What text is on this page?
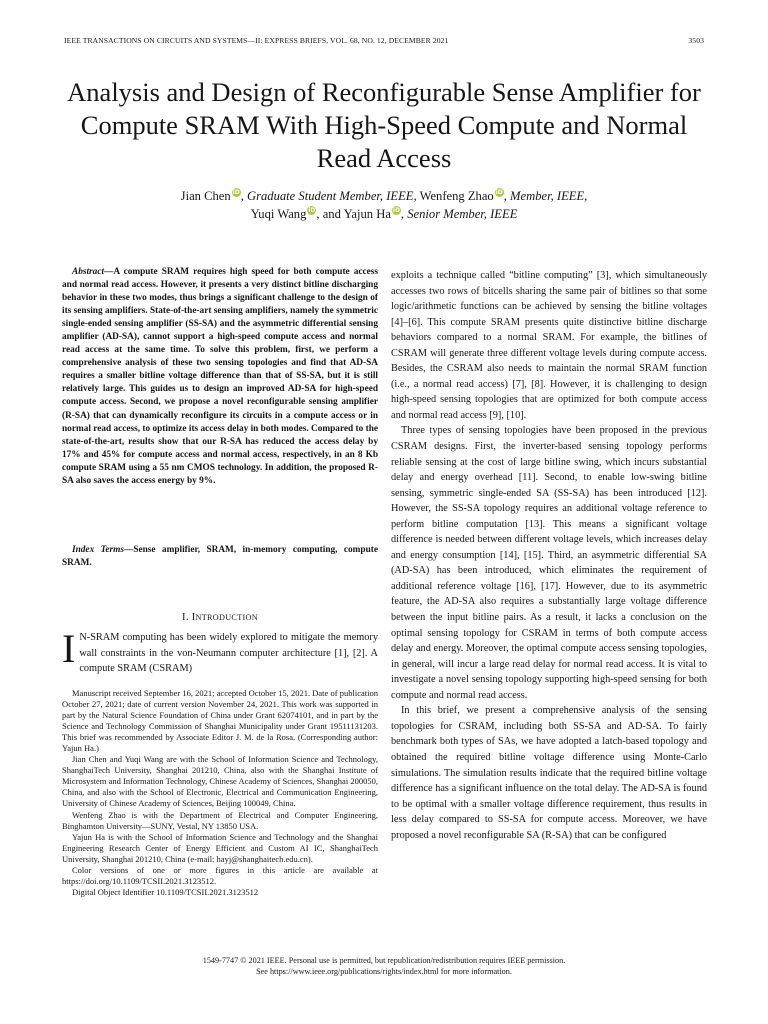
IEEE TRANSACTIONS ON CIRCUITS AND SYSTEMS—II: EXPRESS BRIEFS, VOL. 68, NO. 12, DECEMBER 2021	3503
Analysis and Design of Reconfigurable Sense Amplifier for Compute SRAM With High-Speed Compute and Normal Read Access
Jian Chen iD, Graduate Student Member, IEEE, Wenfeng Zhao iD, Member, IEEE,
Yuqi Wang iD, and Yajun Ha iD, Senior Member, IEEE
Abstract—A compute SRAM requires high speed for both compute access and normal read access. However, it presents a very distinct bitline discharging behavior in these two modes, thus brings a significant challenge to the design of its sensing amplifiers. State-of-the-art sensing amplifiers, namely the symmetric single-ended sensing amplifier (SS-SA) and the asymmetric differential sensing amplifier (AD-SA), cannot support a high-speed compute access and normal read access at the same time. To solve this problem, first, we perform a comprehensive analysis of these two sensing topologies and find that AD-SA requires a smaller bitline voltage difference than that of SS-SA, but it is still relatively large. This guides us to design an improved AD-SA for high-speed compute access. Second, we propose a novel reconfigurable sensing amplifier (R-SA) that can dynamically reconfigure its circuits in a compute access or in normal read access, to optimize its access delay in both modes. Compared to the state-of-the-art, results show that our R-SA has reduced the access delay by 17% and 45% for compute access and normal access, respectively, in an 8 Kb compute SRAM using a 55 nm CMOS technology. In addition, the proposed R-SA also saves the access energy by 9%.
Index Terms—Sense amplifier, SRAM, in-memory computing, compute SRAM.
I. INTRODUCTION
I N-SRAM computing has been widely explored to mitigate the memory wall constraints in the von-Neumann computer architecture [1], [2]. A compute SRAM (CSRAM)

Manuscript received September 16, 2021; accepted October 15, 2021. Date of publication October 27, 2021; date of current version November 24, 2021. This work was supported in part by the Natural Science Foundation of China under Grant 62074101, and in part by the Science and Technology Commission of Shanghai Municipality under Grant 19511131203. This brief was recommended by Associate Editor J. M. de la Rosa. (Corresponding author: Yajun Ha.)

Jian Chen and Yuqi Wang are with the School of Information Science and Technology, ShanghaiTech University, Shanghai 201210, China, also with the Shanghai Institute of Microsystem and Information Technology, Chinese Academy of Sciences, Shanghai 200050, China, and also with the School of Electronic, Electrical and Communication Engineering, University of Chinese Academy of Sciences, Beijing 100049, China.

Wenfeng Zhao is with the Department of Electrical and Computer Engineering, Binghamton University—SUNY, Vestal, NY 13850 USA.

Yajun Ha is with the School of Information Science and Technology and the Shanghai Engineering Research Center of Energy Efficient and Custom AI IC, ShanghaiTech University, Shanghai 201210, China (e-mail: hayj@shanghaitech.edu.cn).

Color versions of one or more figures in this article are available at https://doi.org/10.1109/TCSII.2021.3123512.

Digital Object Identifier 10.1109/TCSII.2021.3123512

exploits a technique called “bitline computing” [3], which simultaneously accesses two rows of bitcells sharing the same pair of bitlines so that some logic/arithmetic functions can be achieved by sensing the bitline voltages [4]–[6]. This compute SRAM presents quite distinctive bitline discharge behaviors compared to a normal SRAM. For example, the bitlines of CSRAM will generate three different voltage levels during compute access. Besides, the CSRAM also needs to maintain the normal SRAM function (i.e., a normal read access) [7], [8]. However, it is challenging to design high-speed sensing topologies that are optimized for both compute access and normal read access [9], [10].

Three types of sensing topologies have been proposed in the previous CSRAM designs. First, the inverter-based sensing topology performs reliable sensing at the cost of large bitline swing, which incurs substantial delay and energy overhead [11]. Second, to enable low-swing bitline sensing, symmetric single-ended SA (SS-SA) has been introduced [12]. However, the SS-SA topology requires an additional voltage reference to perform bitline computation [13]. This means a significant voltage difference is needed between different voltage levels, which increases delay and energy consumption [14], [15]. Third, an asymmetric differential SA (AD-SA) has been introduced, which eliminates the requirement of additional reference voltage [16], [17]. However, due to its asymmetric feature, the AD-SA also requires a substantially large voltage difference between the input bitline pairs. As a result, it lacks a conclusion on the optimal sensing topology for CSRAM in terms of both compute access delay and energy. Moreover, the optimal compute access sensing topologies, in general, will incur a large read delay for normal read access. It is vital to investigate a novel sensing topology supporting high-speed sensing for both compute and normal read access.

In this brief, we present a comprehensive analysis of the sensing topologies for CSRAM, including both SS-SA and AD-SA. To fairly benchmark both types of SAs, we have adopted a latch-based topology and obtained the required bitline voltage difference using Monte-Carlo simulations. The simulation results indicate that the required bitline voltage difference has a significant influence on the total delay. The AD-SA is found to be optimal with a smaller voltage difference requirement, thus results in less delay compared to SS-SA for compute access. Moreover, we have proposed a novel reconfigurable SA (R-SA) that can be configured

1549-7747 © 2021 IEEE. Personal use is permitted, but republication/redistribution requires IEEE permission.
See https://www.ieee.org/publications/rights/index.html for more information.
